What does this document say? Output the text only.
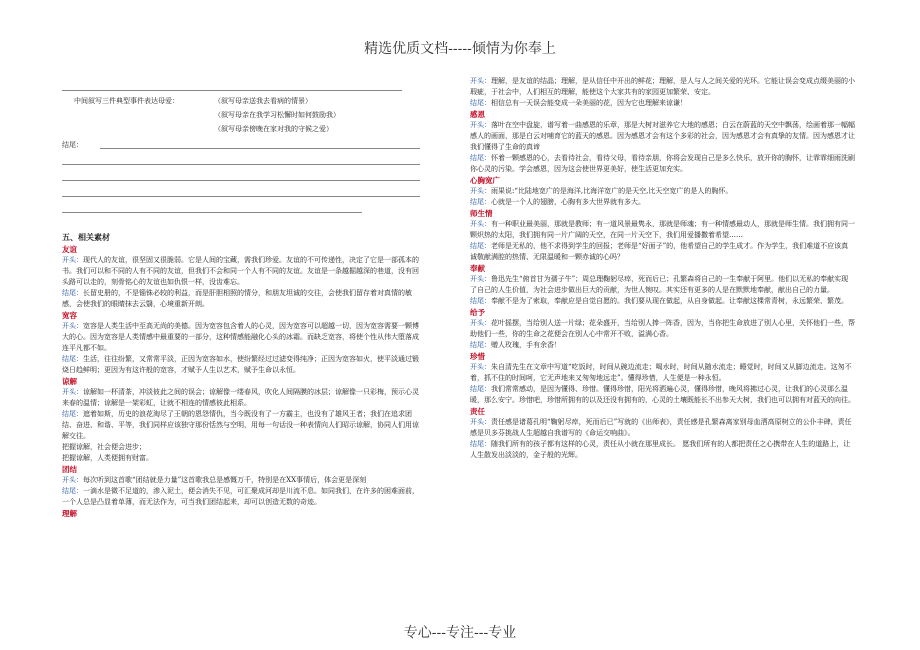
精选优质文档-----倾情为你奉上
专心---专注---专业
中间叙写三件典型事件表达母爱：	（叙写母亲送我去看病的情景）
（叙写母亲在我学习松懈时如何鼓励我）
（叙写母亲傍晚在家对我的守候之爱）
结尾：
五、相关素材
友谊
开头：现代人的友谊，很坚固又很脆弱。它是人间的宝藏，需我们珍爱。友谊的不可传递性，决定了它是一部孤本的书。我们可以和不同的人有不同的友谊，但我们不会和同一个人有不同的友谊。友谊是一条越掘越深的巷道，没有回头路可以走的，刻骨铭心的友谊也如仇恨一样，没齿难忘。
结尾：长留史册的，不是锱铢必较的利益，而是肝胆相照的情分，和朋友坦诚的交往，会使我们留存着对真情的敏感，会使我们的眼睛抹去云翳，心境重新开朗。
宽容
开头：宽容是人类生活中至高无尚的美德。因为宽容包含着人的心灵，因为宽容可以超越一切，因为宽容需要一颗博大的心。因为宽容是人类情感中最重要的一部分，这种情感能融化心头的冰霜。而缺乏宽容，将使个性从伟大堕落成连平凡都不如。
结尾：生活，往往纷繁，又常常平淡，正因为宽容如水，使纷繁经过过滤变得纯净；正因为宽容如火，使平淡通过锻烧日趋鲜明；更因为有这许般的宽容，才赋予人生以艺术，赋予生命以永恒。
谅解
开头：谅解如一杯清茶，冲淡彼此之间的误会；谅解像一缕春风，吹化人间隔膜的冰层；谅解像一只彩梅，预示心灵来春的温情；谅解是一架彩虹，让就不相连的情感彼此相系。
结尾：遮着如斯，历史的浪花淘尽了王朝的恩怨情仇，当今既没有了一方霸主，也没有了雄风王者；我们在追求团结、奋进、和谐、平等，我们同样应该独守那份恬然与空明，用每一句话没一种表情向人们昭示谅解，协同人们用谅解交往。
把握谅解，社会便会进步；
把握谅解，人类便拥有财富。
团结
开头：每次听到这首歌“团结就是力量”这首歌我总是感慨万千，特别是在XX事情后，体会更是深刻
结尾：一滴水是微不足道的，渗入泥土，便会消失不见，可汇聚成河却是川流不息。如同我们，在许多的困难面前，一个人总是凸显着单薄，而无法作为，可当我们团结起来，却可以创造无数的奇迹。
理解
开头：理解，是友谊的结晶；理解，是从信任中开出的鲜花；理解，是人与人之间关爱的光环。它能让误会变成点缀美丽的小瑕疵，于社会中，人们相互的理解，能使这个大家共有的家园更加繁荣、安定。
结尾：相信总有一天误会能变成一朵美丽的花，因为它也理解来谅谦！
感恩
开头：落叶在空中盘旋，谱写着一曲感恩的乐章，那是大树对滋养它大地的感恩；白云在蔚蓝的天空中飘荡，绘画着那一幅幅感人的画面，那是白云对哺育它的蓝天的感恩。因为感恩才会有这个多彩的社会，因为感恩才会有真挚的友情。因为感恩才让我们懂得了生命的真谛
结尾：怀着一颗感恩的心，去看待社会，看待父母，看待亲朋，你将会发现自己是多么快乐，放开你的胸怀，让霏霏细雨洗刷你心灵的污染。学会感恩，因为这会使世界更美好，使生活更加充实。
心胸宽广
开头：雨果说:“比陆地宽广的是海洋,比海洋宽广的是天空,比天空宽广的是人的胸怀。
结尾：心就是一个人的翅膀，心胸有多大世界就有多大。
师生情
开头：有一种职业最美丽，那就是教师；有一道风景最隽永，那就是师魂；有一种情感最动人，那就是师生情。我们拥有同一颗炽热的太阳，我们拥有同一片广阔的天空，在同一片天空下，我们用爱播撒着希望……
结尾：老师是无私的，他不求得到学生的回报；老师是“好面子”的，他希望自己的学生成才。作为学生，我们难道不应该真诚敬献满腔的热情、无限温暖和一颗赤诚的心吗？
奉献
开头：鲁迅先生“俯首甘为孺子牛”；周总理鞠躬尽瘁，死而后已；孔繁森将自己的一生奉献于阿里。他们以无私的奉献实现了自己的人生价值，为社会进步做出巨大的贡献，为世人惋叹。其实还有更多的人是在默默地奉献，献出自己的力量。
结尾：奉献不是为了索取，奉献应是自觉自愿的。我们要从现在做起，从自身做起。让奉献这棵常青树，永远繁荣、繁茂。
给予
开头：花叶摇摆，当给别人送一片绿；花朵盛开，当给别人捧一阵香，因为，当你把生命放进了别人心里，关怀他们一些，帮助他们一些，你的生命之花便会在别人心中常开不败，溢满心香。
结尾：赠人玫瑰，手有余香！
珍惜
开头：朱自清先生在文章中写道“吃饭时，时间从碗边流走；喝水时，时间从随水流走；睡觉时，时间又从脚边流走。这匆不着，抓不住的时间呵，它无声地来又匆匆地远走”。懂得珍惜，人生便是一种永恒。
结尾：我们常常感动，是因为懂得、珍惜。懂得珍惜，阳光将洒遍心灵，懂得珍惜，晚风将拂过心灵，让我们的心灵那么温暖，那么安宁。珍惜吧，珍惜所拥有的以及还没有拥有的，心灵的土壤既能长不出参天大树，我们也可以拥有对蓝天的向往。
责任
开头：责任感是诸葛孔明“鞠躬尽瘁，死而后已”写就的《出师表》，责任感是孔繁森离家别母血洒高原树立的公仆丰碑，责任感是贝多芬挑战人生超越自我谱写的《命运交响曲》。
结尾：随我们所有的孩子都有这样的心灵，责任从小就在那里成长。 愿我们所有的人都把责任之心携带在人生的道路上，让人生散发出淡淡的，金子般的光辉。
